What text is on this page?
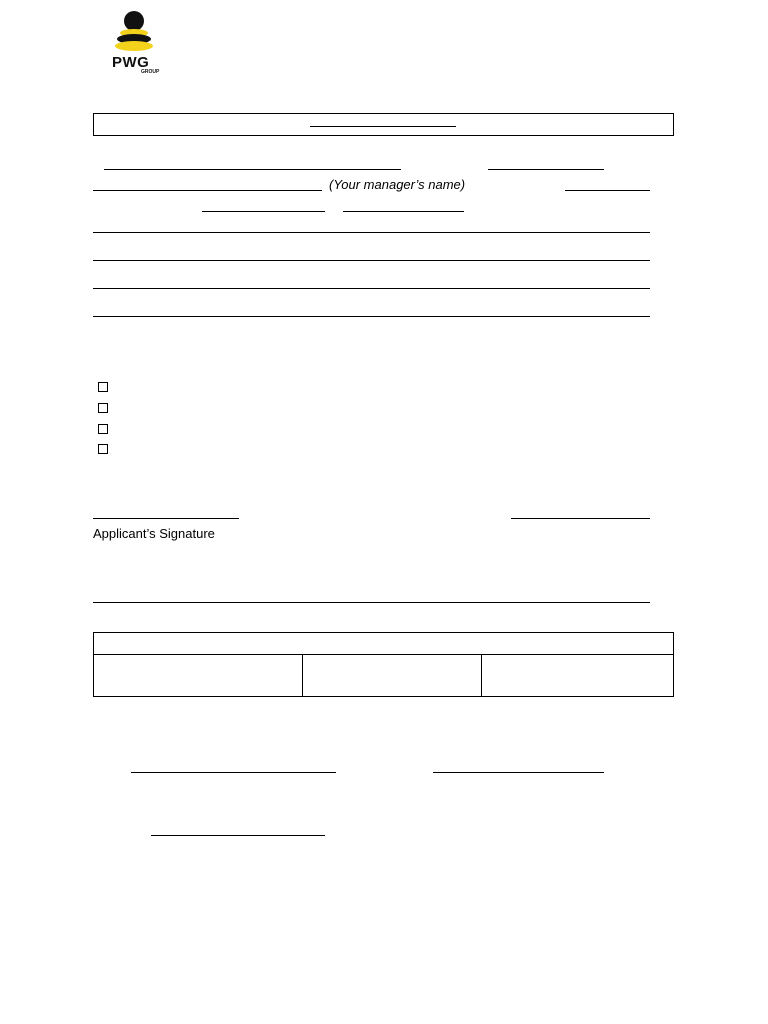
PWG
GROUP
(Your manager’s name)
Applicant’s Signature
